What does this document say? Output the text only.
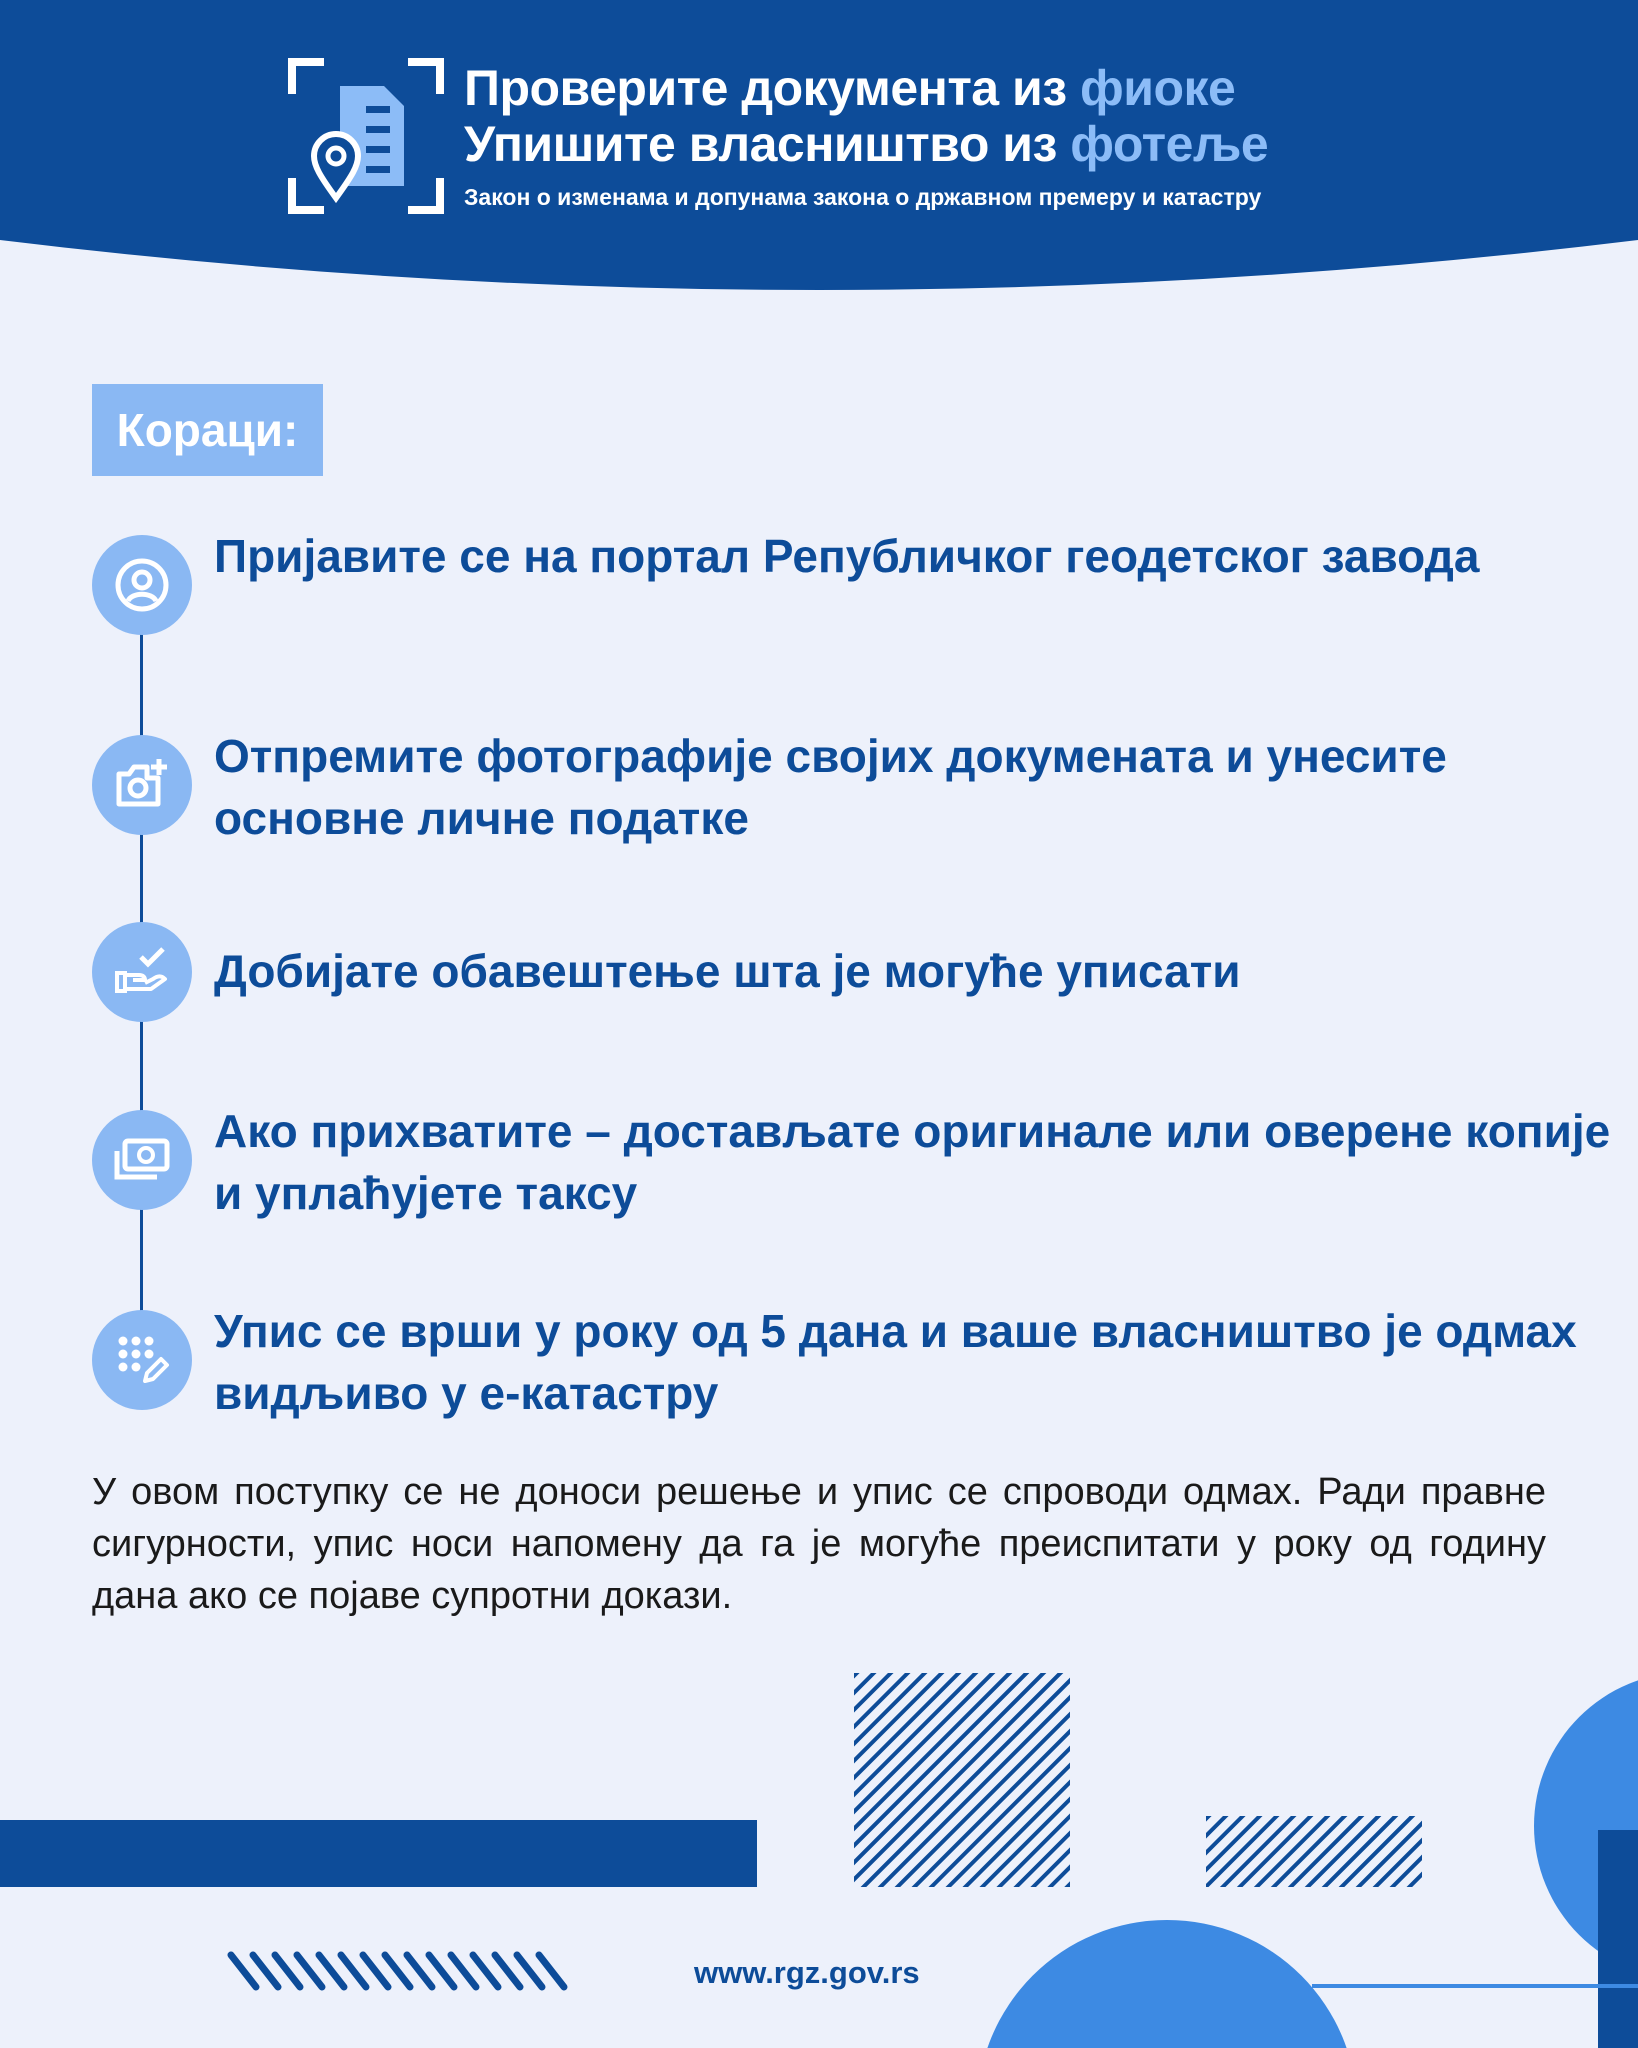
Проверите документа из фиоке
Упишите власништво из фотеље
Закон о изменама и допунама закона о државном премеру и катастру
Кораци:
Пријавите се на портал Републичког геодетског завода
Отпремите фотографије својих докумената и унесите основне личне податке
Добијате обавештење шта је могуће уписати
Ако прихватите – достављате оригинале или оверене копије и уплаћујете таксу
Упис се врши у року од 5 дана и ваше власништво је одмах видљиво у е-катастру
У овом поступку се не доноси решење и упис се спроводи одмах. Ради правне сигурности, упис носи напомену да га је могуће преиспитати у року од годину дана ако се појаве супротни докази.
www.rgz.gov.rs
